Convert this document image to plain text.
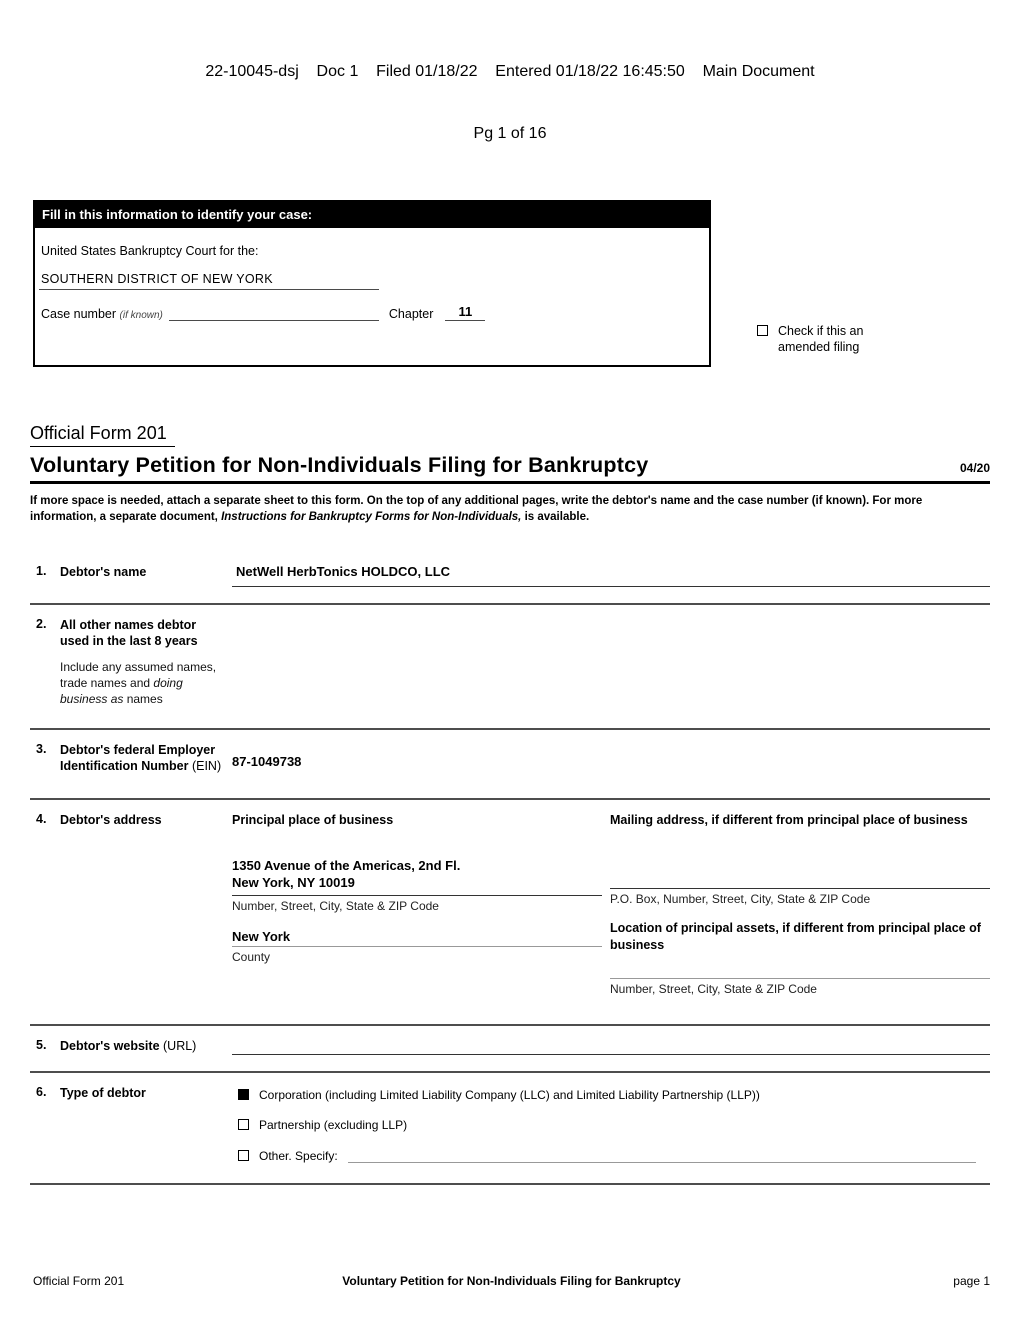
22-10045-dsj    Doc 1    Filed 01/18/22    Entered 01/18/22 16:45:50    Main Document

Pg 1 of 16

Fill in this information to identify your case:
United States Bankruptcy Court for the:
SOUTHERN DISTRICT OF NEW YORK
Case number (if known)	Chapter	11
Check if this an amended filing
Official Form 201
Voluntary Petition for Non-Individuals Filing for Bankruptcy	04/20
If more space is needed, attach a separate sheet to this form. On the top of any additional pages, write the debtor's name and the case number (if known). For more information, a separate document, Instructions for Bankruptcy Forms for Non-Individuals, is available.
1.	Debtor's name	NetWell HerbTonics HOLDCO, LLC
2.	All other names debtor used in the last 8 years
Include any assumed names, trade names and doing business as names
3.	Debtor's federal Employer Identification Number (EIN) 87-1049738
4.	Debtor's address	Principal place of business
1350 Avenue of the Americas, 2nd Fl.
New York, NY 10019
Number, Street, City, State & ZIP Code
New York
County
Mailing address, if different from principal place of business
P.O. Box, Number, Street, City, State & ZIP Code
Location of principal assets, if different from principal place of business
Number, Street, City, State & ZIP Code
5.	Debtor's website (URL)
6.	Type of debtor	Corporation (including Limited Liability Company (LLC) and Limited Liability Partnership (LLP))
Partnership (excluding LLP)
Other. Specify:
Official Form 201	Voluntary Petition for Non-Individuals Filing for Bankruptcy	page 1
